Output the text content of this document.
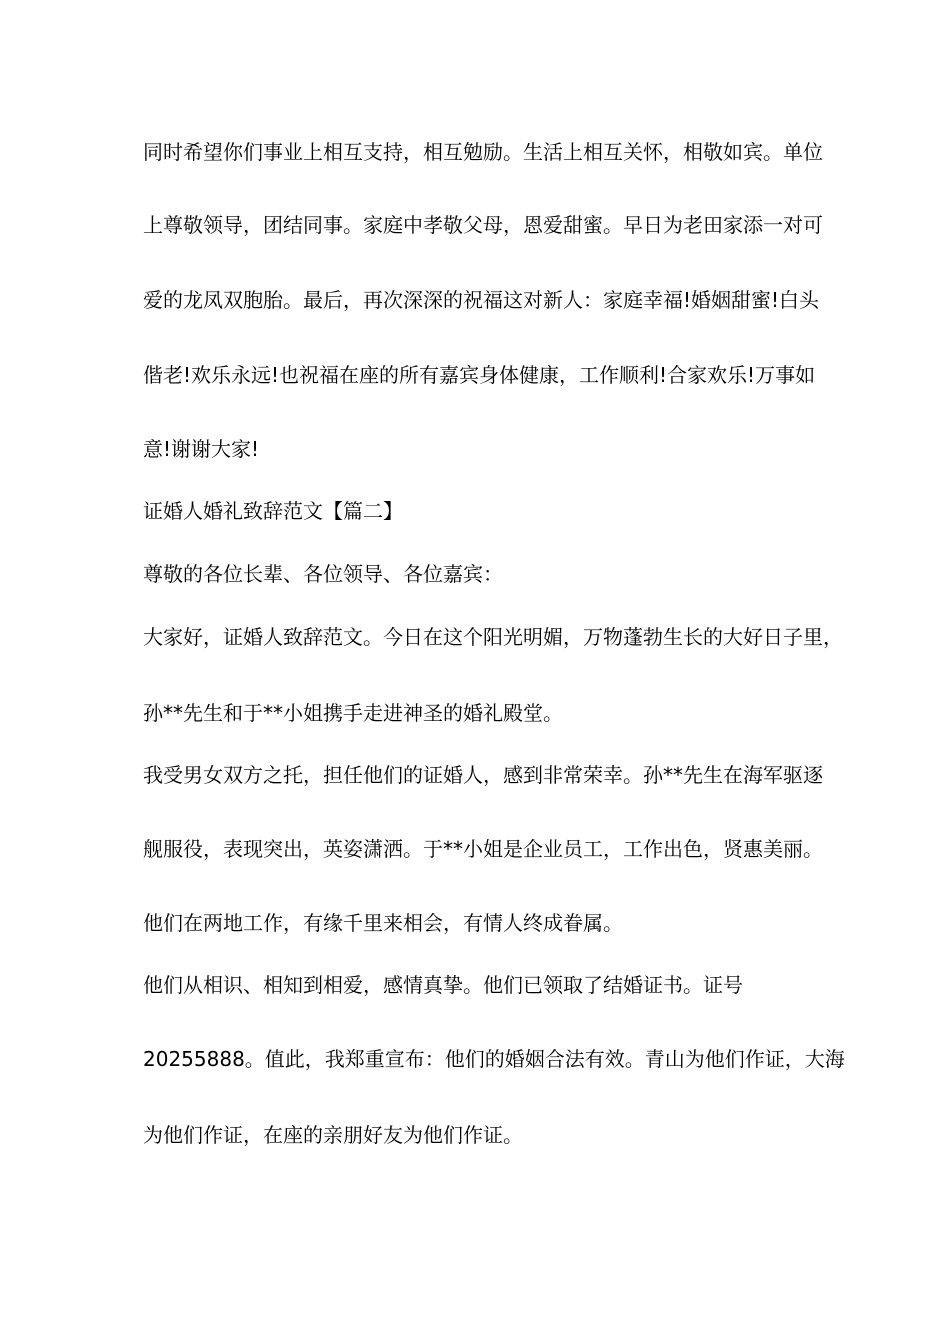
同时希望你们事业上相互支持，相互勉励。生活上相互关怀，相敬如宾。单位
上尊敬领导，团结同事。家庭中孝敬父母，恩爱甜蜜。早日为老田家添一对可
爱的龙凤双胞胎。最后，再次深深的祝福这对新人：家庭幸福!婚姻甜蜜!白头
偕老!欢乐永远!也祝福在座的所有嘉宾身体健康，工作顺利!合家欢乐!万事如
意!谢谢大家!
证婚人婚礼致辞范文【篇二】
尊敬的各位长辈、各位领导、各位嘉宾：
大家好，证婚人致辞范文。今日在这个阳光明媚，万物蓬勃生长的大好日子里，
孙**先生和于**小姐携手走进神圣的婚礼殿堂。
我受男女双方之托，担任他们的证婚人，感到非常荣幸。孙**先生在海军驱逐
舰服役，表现突出，英姿潇洒。于**小姐是企业员工，工作出色，贤惠美丽。
他们在两地工作，有缘千里来相会，有情人终成眷属。
他们从相识、相知到相爱，感情真挚。他们已领取了结婚证书。证号
20255888。值此，我郑重宣布：他们的婚姻合法有效。青山为他们作证，大海
为他们作证，在座的亲朋好友为他们作证。
